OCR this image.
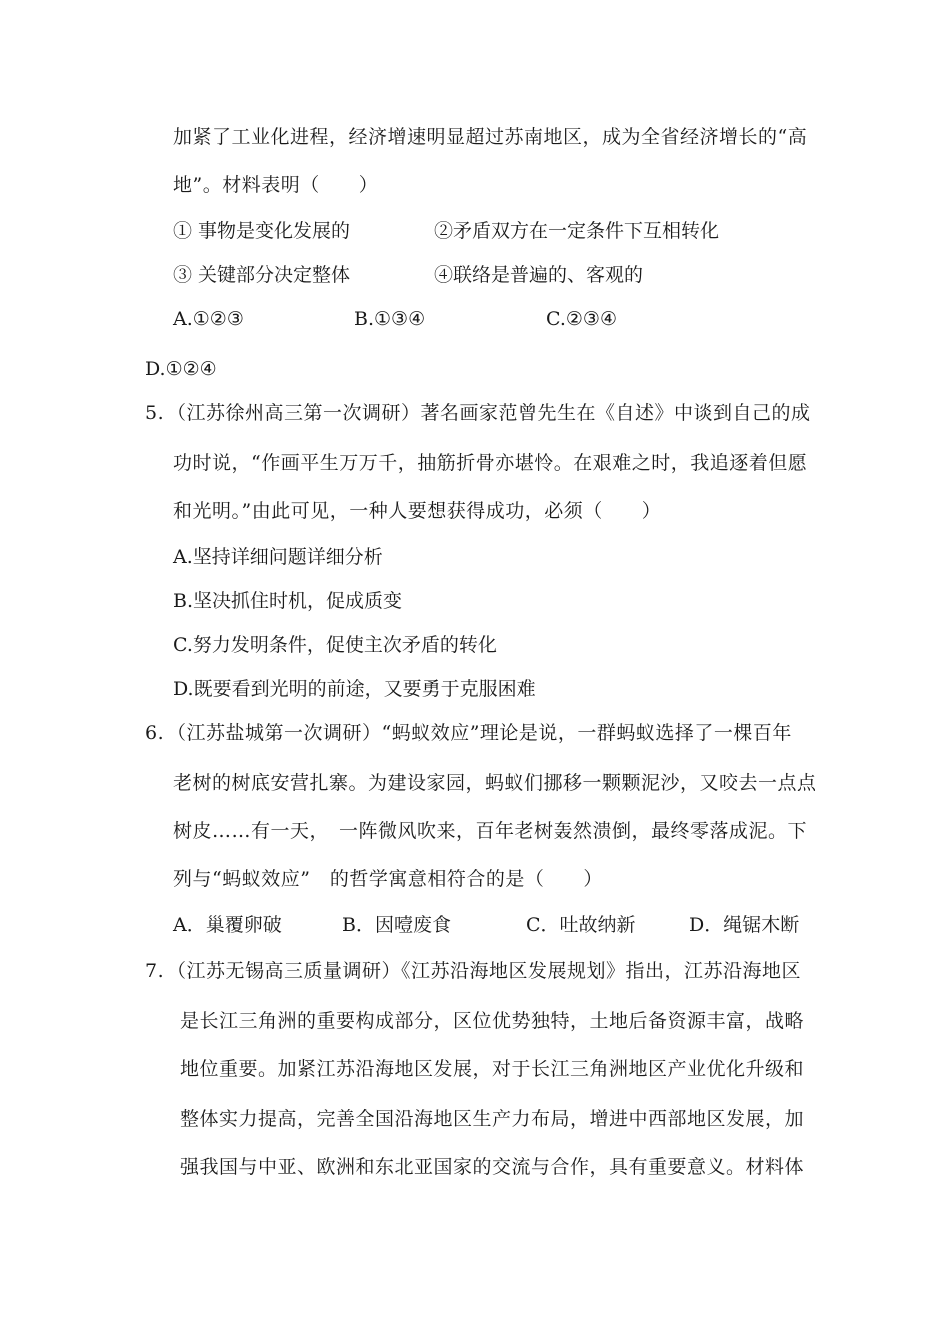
加紧了工业化进程，经济增速明显超过苏南地区，成为全省经济增长的“高
地”。材料表明（　　）
① 事物是变化发展的	②矛盾双方在一定条件下互相转化
③ 关键部分决定整体	④联络是普遍的、客观的
A.①②③	B.①③④	C.②③④
D.①②④
5. （江苏徐州高三第一次调研）著名画家范曾先生在《自述》中谈到自己的成
功时说，“作画平生万万千，抽筋折骨亦堪怜。在艰难之时，我追逐着但愿
和光明。”由此可见，一种人要想获得成功，必须（　　）
A.坚持详细问题详细分析
B.坚决抓住时机，促成质变
C.努力发明条件，促使主次矛盾的转化
D.既要看到光明的前途，又要勇于克服困难
6. （江苏盐城第一次调研）“蚂蚁效应”理论是说，一群蚂蚁选择了一棵百年
老树的树底安营扎寨。为建设家园，蚂蚁们挪移一颗颗泥沙，又咬去一点点
树皮……有一天，　一阵微风吹来，百年老树轰然溃倒，最终零落成泥。下
列与“蚂蚁效应”　的哲学寓意相符合的是（　　）
A．巢覆卵破	B．因噎废食	C．吐故纳新	D．绳锯木断
7. （江苏无锡高三质量调研）《江苏沿海地区发展规划》指出，江苏沿海地区
是长江三角洲的重要构成部分，区位优势独特，土地后备资源丰富，战略
地位重要。加紧江苏沿海地区发展，对于长江三角洲地区产业优化升级和
整体实力提高，完善全国沿海地区生产力布局，增进中西部地区发展，加
强我国与中亚、欧洲和东北亚国家的交流与合作，具有重要意义。材料体
